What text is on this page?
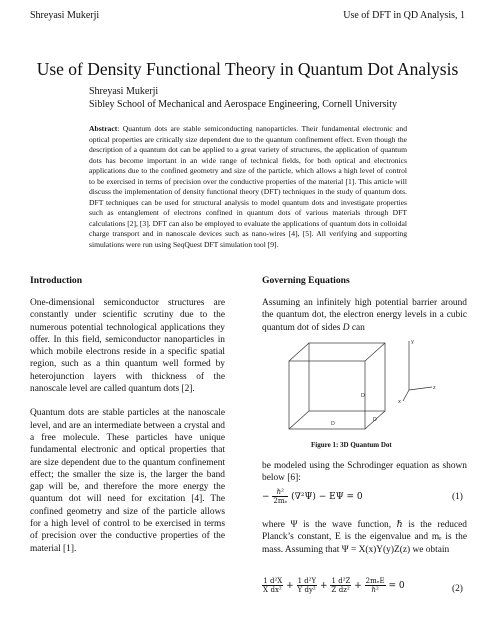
Shreyasi Mukerji	Use of DFT in QD Analysis, 1
Use of Density Functional Theory in Quantum Dot Analysis
Shreyasi Mukerji
Sibley School of Mechanical and Aerospace Engineering, Cornell University
Abstract: Quantum dots are stable semiconducting nanoparticles. Their fundamental electronic and optical properties are critically size dependent due to the quantum confinement effect. Even though the description of a quantum dot can be applied to a great variety of structures, the application of quantum dots has become important in an wide range of technical fields, for both optical and electronics applications due to the confined geometry and size of the particle, which allows a high level of control to be exercised in terms of precision over the conductive properties of the material [1]. This article will discuss the implementation of density functional theory (DFT) techniques in the study of quantum dots. DFT techniques can be used for structural analysis to model quantum dots and investigate properties such as entanglement of electrons confined in quantum dots of various materials through DFT calculations [2], [3]. DFT can also be employed to evaluate the applications of quantum dots in colloidal charge transport and in nanoscale devices such as nano-wires [4], [5]. All verifying and supporting simulations were run using SeqQuest DFT simulation tool [9].
Introduction

One-dimensional semiconductor structures are constantly under scientific scrutiny due to the numerous potential technological applications they offer. In this field, semiconductor nanoparticles in which mobile electrons reside in a specific spatial region, such as a thin quantum well formed by heterojunction layers with thickness of the nanoscale level are called quantum dots [2].

Quantum dots are stable particles at the nanoscale level, and are an intermediate between a crystal and a free molecule. These particles have unique fundamental electronic and optical properties that are size dependent due to the quantum confinement effect; the smaller the size is, the larger the band gap will be, and therefore the more energy the quantum dot will need for excitation [4]. The confined geometry and size of the particle allows for a high level of control to be exercised in terms of precision over the conductive properties of the material [1].

Governing Equations
Assuming an infinitely high potential barrier around the quantum dot, the electron energy levels in a cubic quantum dot of sides D can
D
D
D
y
z
x
Figure 1: 3D Quantum Dot
be modeled using the Schrodinger equation as shown below [6]:
− $\frac{\text{ℏ²}}{\text{2mₑ}} (\nabla^2\Psi) - E\Psi = 0$	(1)
where Ψ is the wave function, ℏ is the reduced Planck’s constant, E is the eigenvalue and mₑ is the mass. Assuming that Ψ = X(x)Y(y)Z(z) we obtain
$\frac{1}{X} \frac{\text{d²X}}{\text{dx²}} + \frac{1}{Y} \frac{\text{d²Y}}{\text{dy²}} + \frac{1}{Z} \frac{\text{d²Z}}{\text{dz²}} + \frac{\text{2mₑE}}{\text{ℏ²}} = 0$	(2)
